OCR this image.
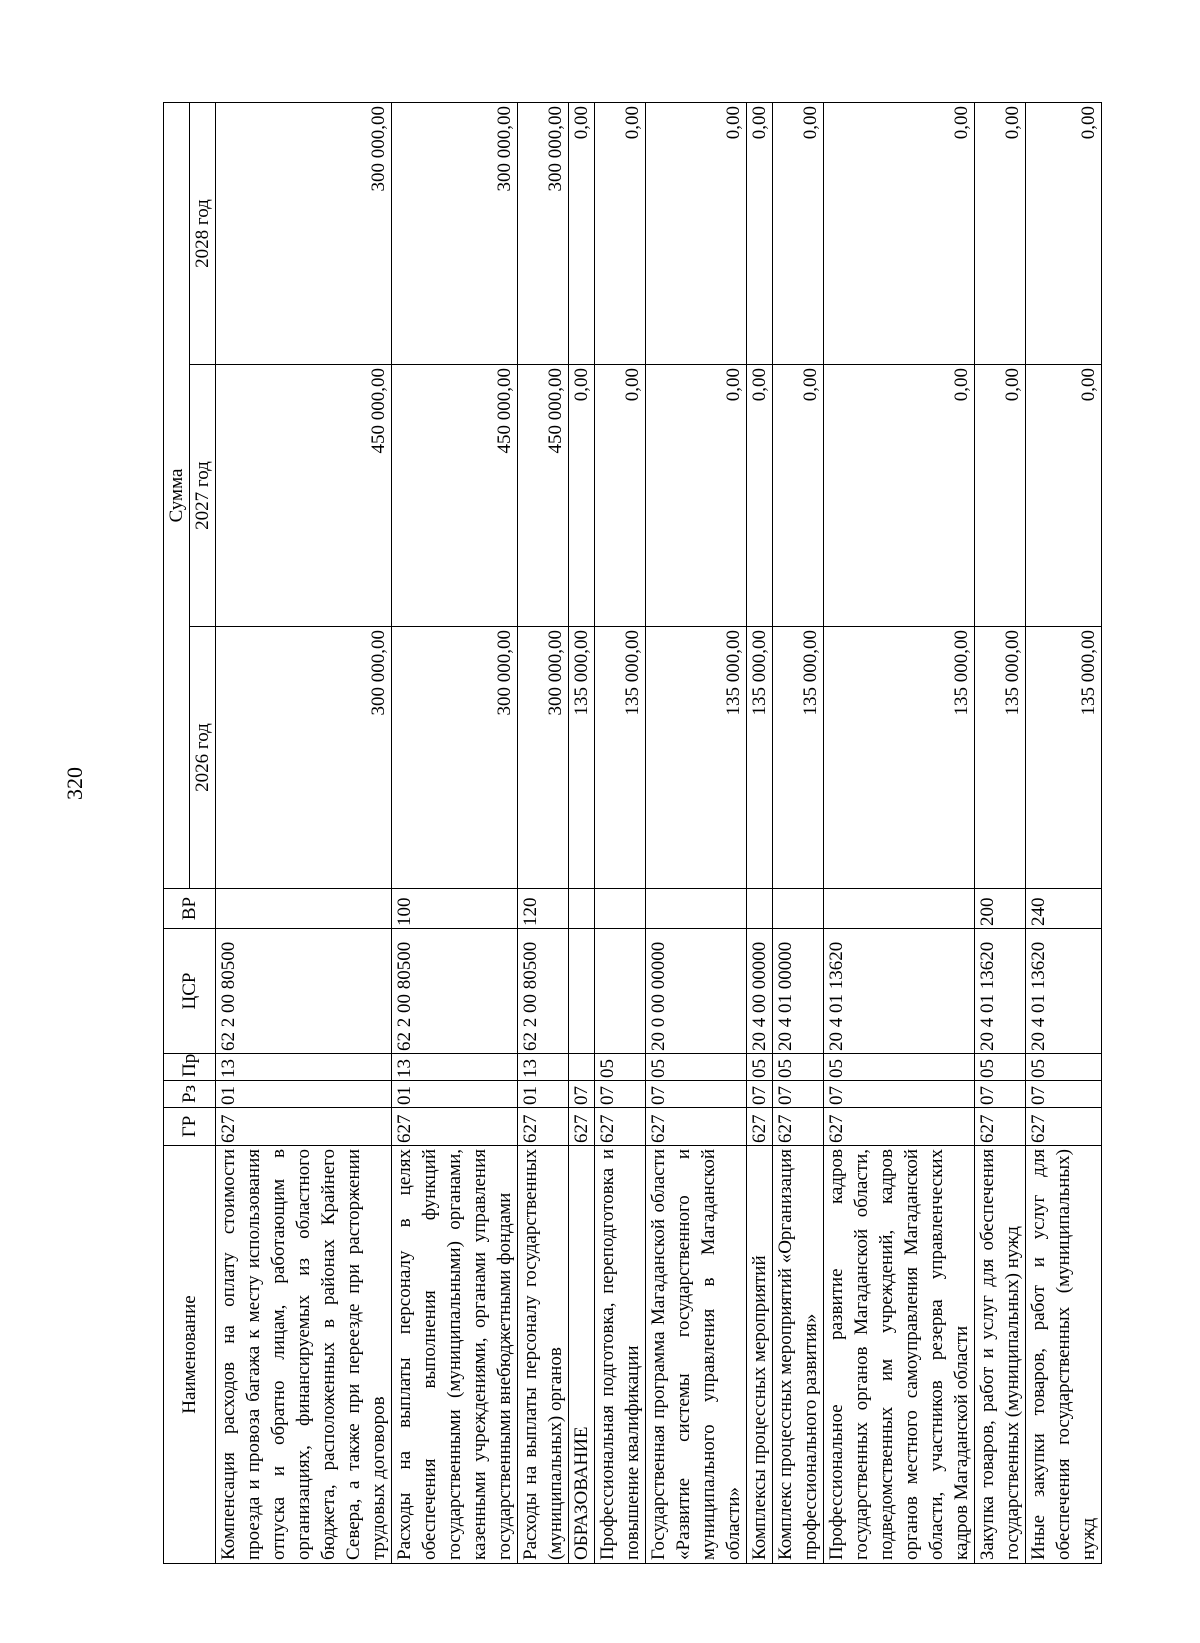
320
Наименование	ГР	Рз	Пр	ЦСР	ВР	Сумма		
						2026 год	2027 год	2028 год
Компенсация расходов на оплату стоимости проезда и провоза багажа к месту использования отпуска и обратно лицам, работающим в организациях, финансируемых из областного бюджета, расположенных в районах Крайнего Севера, а также при переезде при расторжении трудовых договоров	627	01	13	62 2 00 80500		300 000,00	450 000,00	300 000,00
Расходы на выплаты персоналу в целях обеспечения выполнения функций государственными (муниципальными) органами, казенными учреждениями, органами управления государственными внебюджетными фондами	627	01	13	62 2 00 80500	100	300 000,00	450 000,00	300 000,00
Расходы на выплаты персоналу государственных (муниципальных) органов	627	01	13	62 2 00 80500	120	300 000,00	450 000,00	300 000,00
ОБРАЗОВАНИЕ	627	07				135 000,00	0,00	0,00
Профессиональная подготовка, переподготовка и повышение квалификации	627	07	05			135 000,00	0,00	0,00
Государственная программа Магаданской области «Развитие системы государственного и муниципального управления в Магаданской области»	627	07	05	20 0 00 00000		135 000,00	0,00	0,00
Комплексы процессных мероприятий	627	07	05	20 4 00 00000		135 000,00	0,00	0,00
Комплекс процессных мероприятий «Организация профессионального развития»	627	07	05	20 4 01 00000		135 000,00	0,00	0,00
Профессиональное развитие кадров государственных органов Магаданской области, подведомственных им учреждений, кадров органов местного самоуправления Магаданской области, участников резерва управленческих кадров Магаданской области	627	07	05	20 4 01 13620		135 000,00	0,00	0,00
Закупка товаров, работ и услуг для обеспечения государственных (муниципальных) нужд	627	07	05	20 4 01 13620	200	135 000,00	0,00	0,00
Иные закупки товаров, работ и услуг для обеспечения государственных (муниципальных) нужд	627	07	05	20 4 01 13620	240	135 000,00	0,00	0,00
